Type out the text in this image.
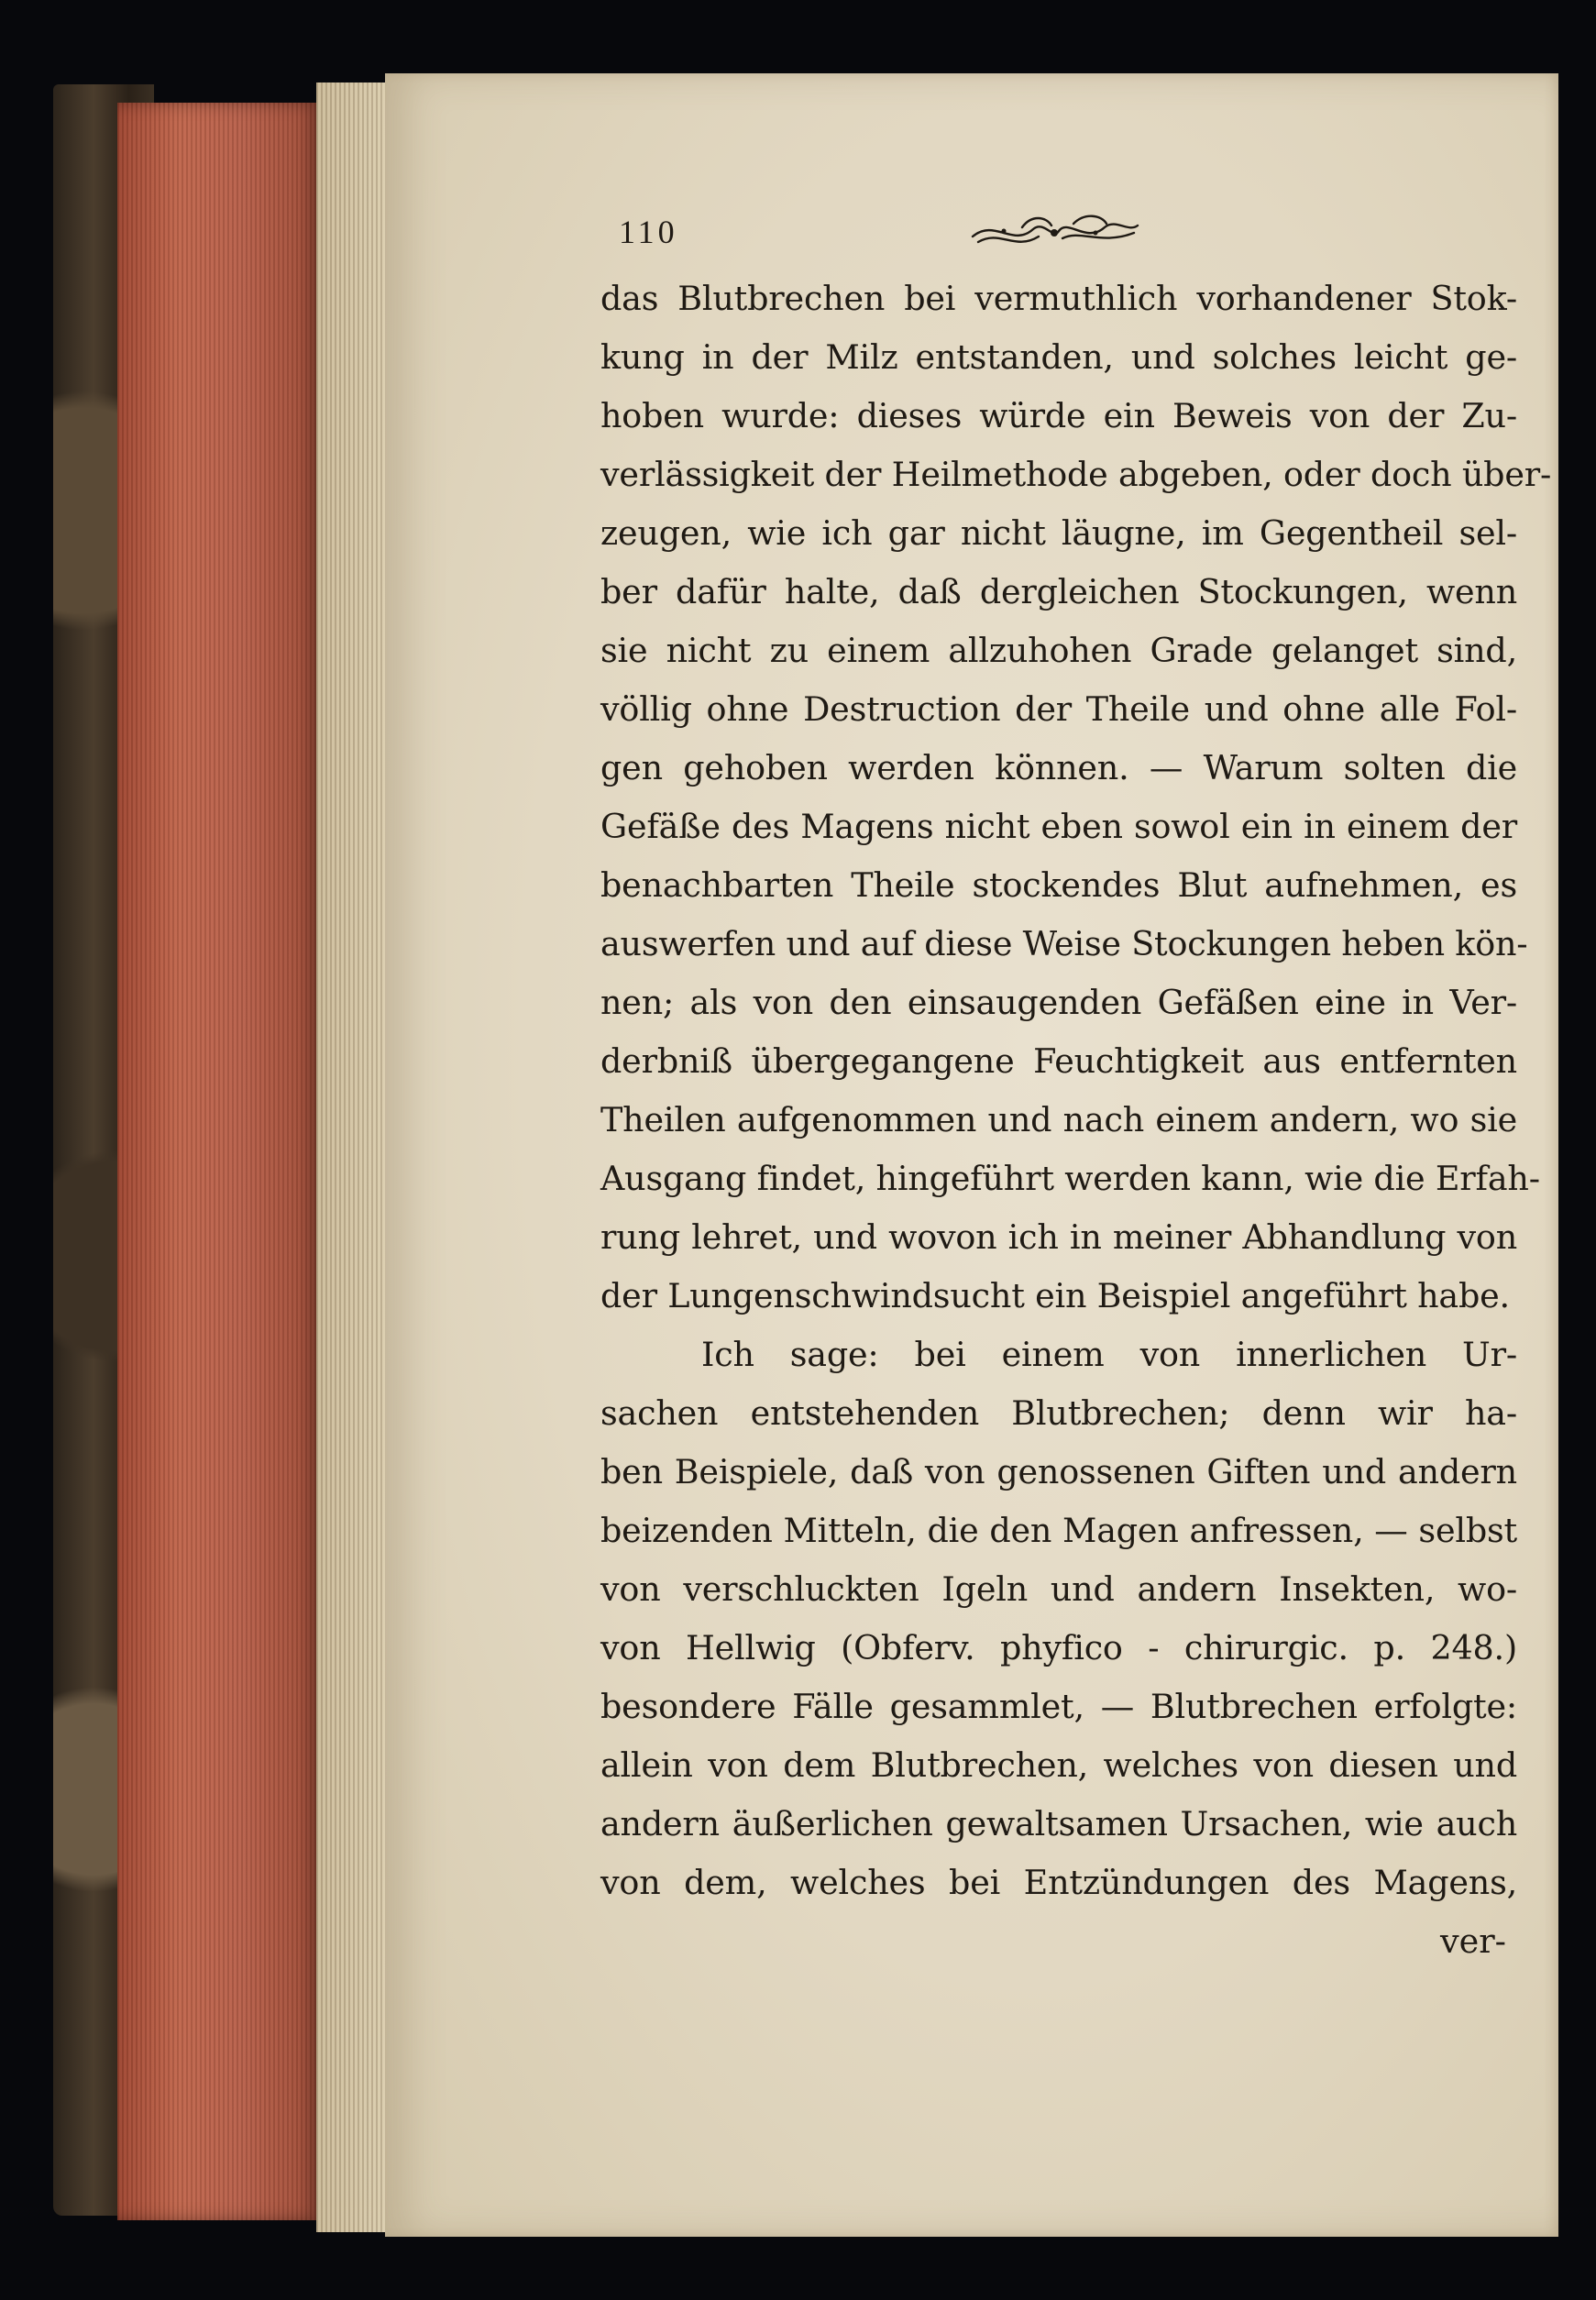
110
das Blutbrechen bei vermuthlich vorhandener Stok-
kung in der Milz entstanden, und solches leicht ge-
hoben wurde: dieses würde ein Beweis von der Zu-
verlässigkeit der Heilmethode abgeben, oder doch über-
zeugen, wie ich gar nicht läugne, im Gegentheil sel-
ber dafür halte, daß dergleichen Stockungen, wenn
sie nicht zu einem allzuhohen Grade gelanget sind,
völlig ohne Destruction der Theile und ohne alle Fol-
gen gehoben werden können. — Warum solten die
Gefäße des Magens nicht eben sowol ein in einem der
benachbarten Theile stockendes Blut aufnehmen, es
auswerfen und auf diese Weise Stockungen heben kön-
nen; als von den einsaugenden Gefäßen eine in Ver-
derbniß übergegangene Feuchtigkeit aus entfernten
Theilen aufgenommen und nach einem andern, wo sie
Ausgang findet, hingeführt werden kann, wie die Erfah-
rung lehret, und wovon ich in meiner Abhandlung von
der Lungenschwindsucht ein Beispiel angeführt habe.
Ich sage: bei einem von innerlichen Ur-
sachen entstehenden Blutbrechen; denn wir ha-
ben Beispiele, daß von genossenen Giften und andern
beizenden Mitteln, die den Magen anfressen, — selbst
von verschluckten Igeln und andern Insekten, wo-
von Hellwig (Obferv. phyfico - chirurgic. p. 248.)
besondere Fälle gesammlet, — Blutbrechen erfolgte:
allein von dem Blutbrechen, welches von diesen und
andern äußerlichen gewaltsamen Ursachen, wie auch
von dem, welches bei Entzündungen des Magens,
ver-
